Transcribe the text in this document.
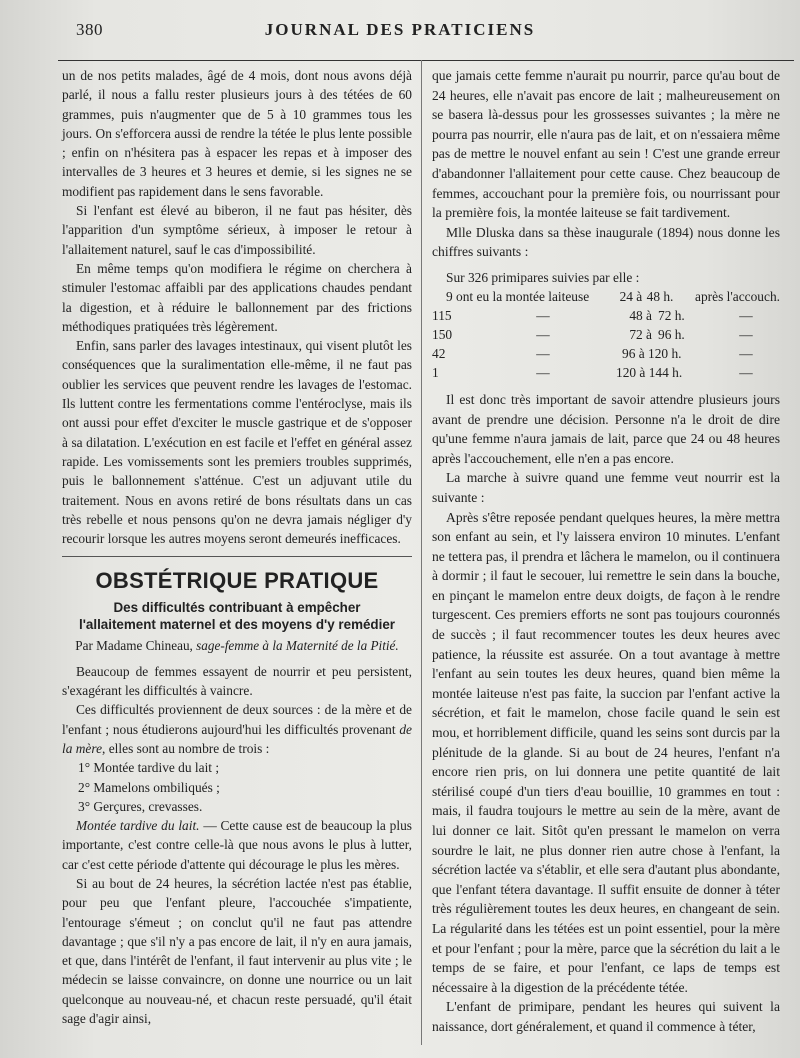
380	JOURNAL DES PRATICIENS

un de nos petits malades, âgé de 4 mois, dont nous avons déjà parlé, il nous a fallu rester plusieurs jours à des tétées de 60 grammes, puis n'augmenter que de 5 à 10 grammes tous les jours. On s'efforcera aussi de rendre la tétée le plus lente possible ; enfin on n'hésitera pas à espacer les repas et à imposer des intervalles de 3 heures et 3 heures et demie, si les signes ne se modifient pas rapidement dans le sens favorable.

Si l'enfant est élevé au biberon, il ne faut pas hésiter, dès l'apparition d'un symptôme sérieux, à imposer le retour à l'allaitement naturel, sauf le cas d'impossibilité.

En même temps qu'on modifiera le régime on cherchera à stimuler l'estomac affaibli par des applications chaudes pendant la digestion, et à réduire le ballonnement par des frictions méthodiques pratiquées très légèrement.

Enfin, sans parler des lavages intestinaux, qui visent plutôt les conséquences que la suralimentation elle-même, il ne faut pas oublier les services que peuvent rendre les lavages de l'estomac. Ils luttent contre les fermentations comme l'entéroclyse, mais ils ont aussi pour effet d'exciter le muscle gastrique et de s'opposer à sa dilatation. L'exécution en est facile et l'effet en général assez rapide. Les vomissements sont les premiers troubles supprimés, puis le ballonnement s'atténue. C'est un adjuvant utile du traitement. Nous en avons retiré de bons résultats dans un cas très rebelle et nous pensons qu'on ne devra jamais négliger d'y recourir lorsque les autres moyens seront demeurés inefficaces.

OBSTÉTRIQUE PRATIQUE
Des difficultés contribuant à empêcher
l'allaitement maternel et des moyens d'y remédier
Par Madame Chineau, sage-femme à la Maternité de la Pitié.

Beaucoup de femmes essayent de nourrir et peu persistent, s'exagérant les difficultés à vaincre.

Ces difficultés proviennent de deux sources : de la mère et de l'enfant ; nous étudierons aujourd'hui les difficultés provenant de la mère, elles sont au nombre de trois :

1° Montée tardive du lait ;
2° Mamelons ombiliqués ;
3° Gerçures, crevasses.

Montée tardive du lait. — Cette cause est de beaucoup la plus importante, c'est contre celle-là que nous avons le plus à lutter, car c'est cette période d'attente qui décourage le plus les mères.

Si au bout de 24 heures, la sécrétion lactée n'est pas établie, pour peu que l'enfant pleure, l'accouchée s'impatiente, l'entourage s'émeut ; on conclut qu'il ne faut pas attendre davantage ; que s'il n'y a pas encore de lait, il n'y en aura jamais, et que, dans l'intérêt de l'enfant, il faut intervenir au plus vite ; le médecin se laisse convaincre, on donne une nourrice ou un lait quelconque au nouveau-né, et chacun reste persuadé, qu'il était sage d'agir ainsi,

que jamais cette femme n'aurait pu nourrir, parce qu'au bout de 24 heures, elle n'avait pas encore de lait ; malheureusement on se basera là-dessus pour les grossesses suivantes ; la mère ne pourra pas nourrir, elle n'aura pas de lait, et on n'essaiera même pas de mettre le nouvel enfant au sein ! C'est une grande erreur d'abandonner l'allaitement pour cette cause. Chez beaucoup de femmes, accouchant pour la première fois, ou nourrissant pour la première fois, la montée laiteuse se fait tardivement.

Mlle Dluska dans sa thèse inaugurale (1894) nous donne les chiffres suivants :

Sur 326 primipares suivies par elle :
9 ont eu la montée laiteuse	24 à	48 h.	après l'accouch.
115	—	48 à	72 h.	—
150	—	72 à	96 h.	—
42	—	96 à 120 h.		—
1	—	120 à 144 h.		—

Il est donc très important de savoir attendre plusieurs jours avant de prendre une décision. Personne n'a le droit de dire qu'une femme n'aura jamais de lait, parce que 24 ou 48 heures après l'accouchement, elle n'en a pas encore.

La marche à suivre quand une femme veut nourrir est la suivante :

Après s'être reposée pendant quelques heures, la mère mettra son enfant au sein, et l'y laissera environ 10 minutes. L'enfant ne tettera pas, il prendra et lâchera le mamelon, ou il continuera à dormir ; il faut le secouer, lui remettre le sein dans la bouche, en pinçant le mamelon entre deux doigts, de façon à le rendre turgescent. Ces premiers efforts ne sont pas toujours couronnés de succès ; il faut recommencer toutes les deux heures avec patience, la réussite est assurée. On a tout avantage à mettre l'enfant au sein toutes les deux heures, quand bien même la montée laiteuse n'est pas faite, la succion par l'enfant active la sécrétion, et fait le mamelon, chose facile quand le sein est mou, et horriblement difficile, quand les seins sont durcis par la plénitude de la glande. Si au bout de 24 heures, l'enfant n'a encore rien pris, on lui donnera une petite quantité de lait stérilisé coupé d'un tiers d'eau bouillie, 10 grammes en tout : mais, il faudra toujours le mettre au sein de la mère, avant de lui donner ce lait. Sitôt qu'en pressant le mamelon on verra sourdre le lait, ne plus donner rien autre chose à l'enfant, la sécrétion lactée va s'établir, et elle sera d'autant plus abondante, que l'enfant tétera davantage. Il suffit ensuite de donner à téter très régulièrement toutes les deux heures, en changeant de sein. La régularité dans les tétées est un point essentiel, pour la mère et pour l'enfant ; pour la mère, parce que la sécrétion du lait a le temps de se faire, et pour l'enfant, ce laps de temps est nécessaire à la digestion de la précédente tétée.

L'enfant de primipare, pendant les heures qui suivent la naissance, dort généralement, et quand il commence à téter,
